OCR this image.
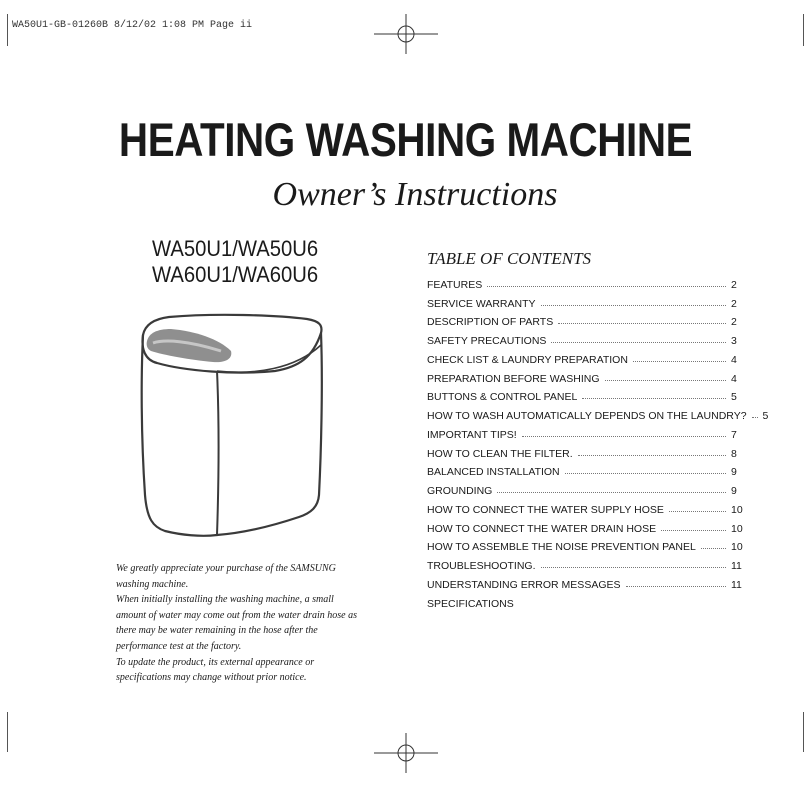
WA50U1-GB-01260B 8/12/02 1:08 PM Page ii
HEATING WASHING MACHINE
Owner’s Instructions
WA50U1/WA50U6
WA60U1/WA60U6

We greatly appreciate your purchase of the SAMSUNG washing machine.

When initially installing the washing machine, a small amount of water may come out from the water drain hose as there may be water remaining in the hose after the performance test at the factory.

To update the product, its external appearance or specifications may change without prior notice.

TABLE OF CONTENTS
FEATURES	2
SERVICE WARRANTY	2
DESCRIPTION OF PARTS	2
SAFETY PRECAUTIONS	3
CHECK LIST & LAUNDRY PREPARATION	4
PREPARATION BEFORE WASHING	4
BUTTONS & CONTROL PANEL	5
HOW TO WASH AUTOMATICALLY DEPENDS ON THE LAUNDRY? 5
IMPORTANT TIPS!	7
HOW TO CLEAN THE FILTER.	8
BALANCED INSTALLATION	9
GROUNDING	9
HOW TO CONNECT THE WATER SUPPLY HOSE	10
HOW TO CONNECT THE WATER DRAIN HOSE	10
HOW TO ASSEMBLE THE NOISE PREVENTION PANEL	10
TROUBLESHOOTING.	11
UNDERSTANDING ERROR MESSAGES	11
SPECIFICATIONS
